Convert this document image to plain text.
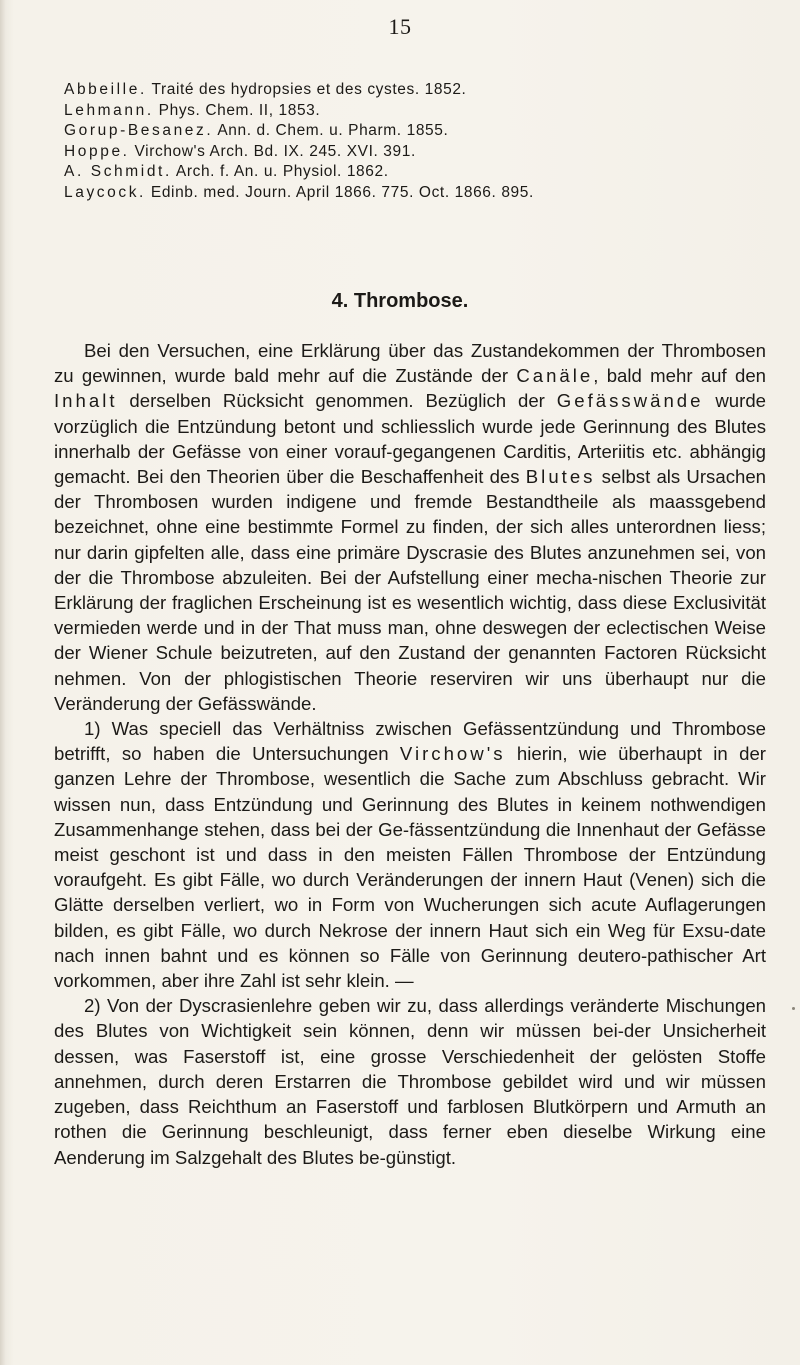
15
Abbeille. Traité des hydropsies et des cystes. 1852.
Lehmann. Phys. Chem. II, 1853.
Gorup-Besanez. Ann. d. Chem. u. Pharm. 1855.
Hoppe. Virchow's Arch. Bd. IX. 245. XVI. 391.
A. Schmidt. Arch. f. An. u. Physiol. 1862.
Laycock. Edinb. med. Journ. April 1866. 775. Oct. 1866. 895.
4. Thrombose.

Bei den Versuchen, eine Erklärung über das Zustandekommen der Thrombosen zu gewinnen, wurde bald mehr auf die Zustände der Canäle, bald mehr auf den Inhalt derselben Rücksicht genommen. Bezüglich der Gefässwände wurde vorzüglich die Entzündung betont und schliesslich wurde jede Gerinnung des Blutes innerhalb der Gefässe von einer vorauf-gegangenen Carditis, Arteriitis etc. abhängig gemacht. Bei den Theorien über die Beschaffenheit des Blutes selbst als Ursachen der Thrombosen wurden indigene und fremde Bestandtheile als maassgebend bezeichnet, ohne eine bestimmte Formel zu finden, der sich alles unterordnen liess; nur darin gipfelten alle, dass eine primäre Dyscrasie des Blutes anzunehmen sei, von der die Thrombose abzuleiten. Bei der Aufstellung einer mecha-nischen Theorie zur Erklärung der fraglichen Erscheinung ist es wesentlich wichtig, dass diese Exclusivität vermieden werde und in der That muss man, ohne deswegen der eclectischen Weise der Wiener Schule beizutreten, auf den Zustand der genannten Factoren Rücksicht nehmen. Von der phlogistischen Theorie reserviren wir uns überhaupt nur die Veränderung der Gefässwände.

1) Was speciell das Verhältniss zwischen Gefässentzündung und Thrombose betrifft, so haben die Untersuchungen Virchow's hierin, wie überhaupt in der ganzen Lehre der Thrombose, wesentlich die Sache zum Abschluss gebracht. Wir wissen nun, dass Entzündung und Gerinnung des Blutes in keinem nothwendigen Zusammenhange stehen, dass bei der Ge-fässentzündung die Innenhaut der Gefässe meist geschont ist und dass in den meisten Fällen Thrombose der Entzündung voraufgeht. Es gibt Fälle, wo durch Veränderungen der innern Haut (Venen) sich die Glätte derselben verliert, wo in Form von Wucherungen sich acute Auflagerungen bilden, es gibt Fälle, wo durch Nekrose der innern Haut sich ein Weg für Exsu-date nach innen bahnt und es können so Fälle von Gerinnung deutero-pathischer Art vorkommen, aber ihre Zahl ist sehr klein. —

2) Von der Dyscrasienlehre geben wir zu, dass allerdings veränderte Mischungen des Blutes von Wichtigkeit sein können, denn wir müssen bei-der Unsicherheit dessen, was Faserstoff ist, eine grosse Verschiedenheit der gelösten Stoffe annehmen, durch deren Erstarren die Thrombose gebildet wird und wir müssen zugeben, dass Reichthum an Faserstoff und farblosen Blutkörpern und Armuth an rothen die Gerinnung beschleunigt, dass ferner eben dieselbe Wirkung eine Aenderung im Salzgehalt des Blutes be-günstigt.
